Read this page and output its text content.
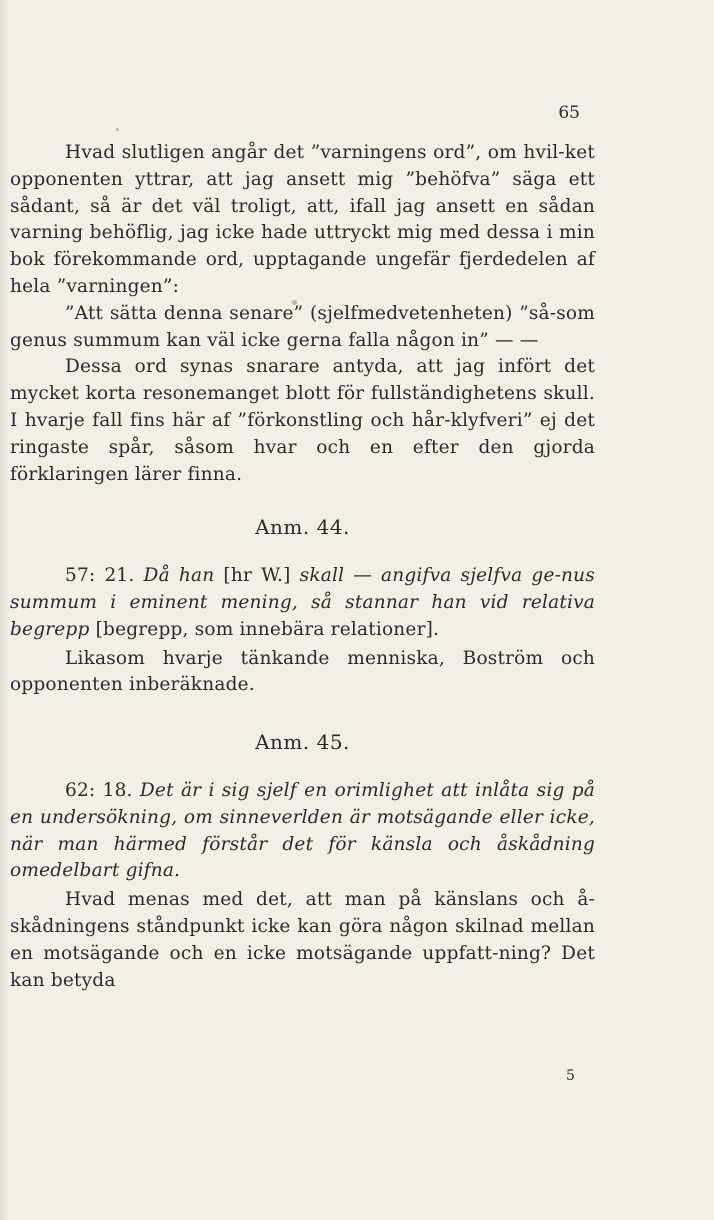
65

Hvad slutligen angår det ”varningens ord”, om hvil-ket opponenten yttrar, att jag ansett mig ”behöfva” säga ett sådant, så är det väl troligt, att, ifall jag ansett en sådan varning behöflig, jag icke hade uttryckt mig med dessa i min bok förekommande ord, upptagande ungefär fjerdedelen af hela ”varningen”:

”Att sätta denna senare” (sjelfmedvetenheten) ”så-som genus summum kan väl icke gerna falla någon in” — —

Dessa ord synas snarare antyda, att jag infört det mycket korta resonemanget blott för fullständighetens skull. I hvarje fall fins här af ”förkonstling och hår-klyfveri” ej det ringaste spår, såsom hvar och en efter den gjorda förklaringen lärer finna.

Anm. 44.

57: 21. Då han [hr W.] skall — angifva sjelfva ge-nus summum i eminent mening, så stannar han vid relativa begrepp [begrepp, som innebära relationer].

Likasom hvarje tänkande menniska, Boström och opponenten inberäknade.

Anm. 45.

62: 18. Det är i sig sjelf en orimlighet att inlåta sig på en undersökning, om sinneverlden är motsägande eller icke, när man härmed förstår det för känsla och åskådning omedelbart gifna.

Hvad menas med det, att man på känslans och å-skådningens ståndpunkt icke kan göra någon skilnad mellan en motsägande och en icke motsägande uppfatt-ning? Det kan betyda

5
